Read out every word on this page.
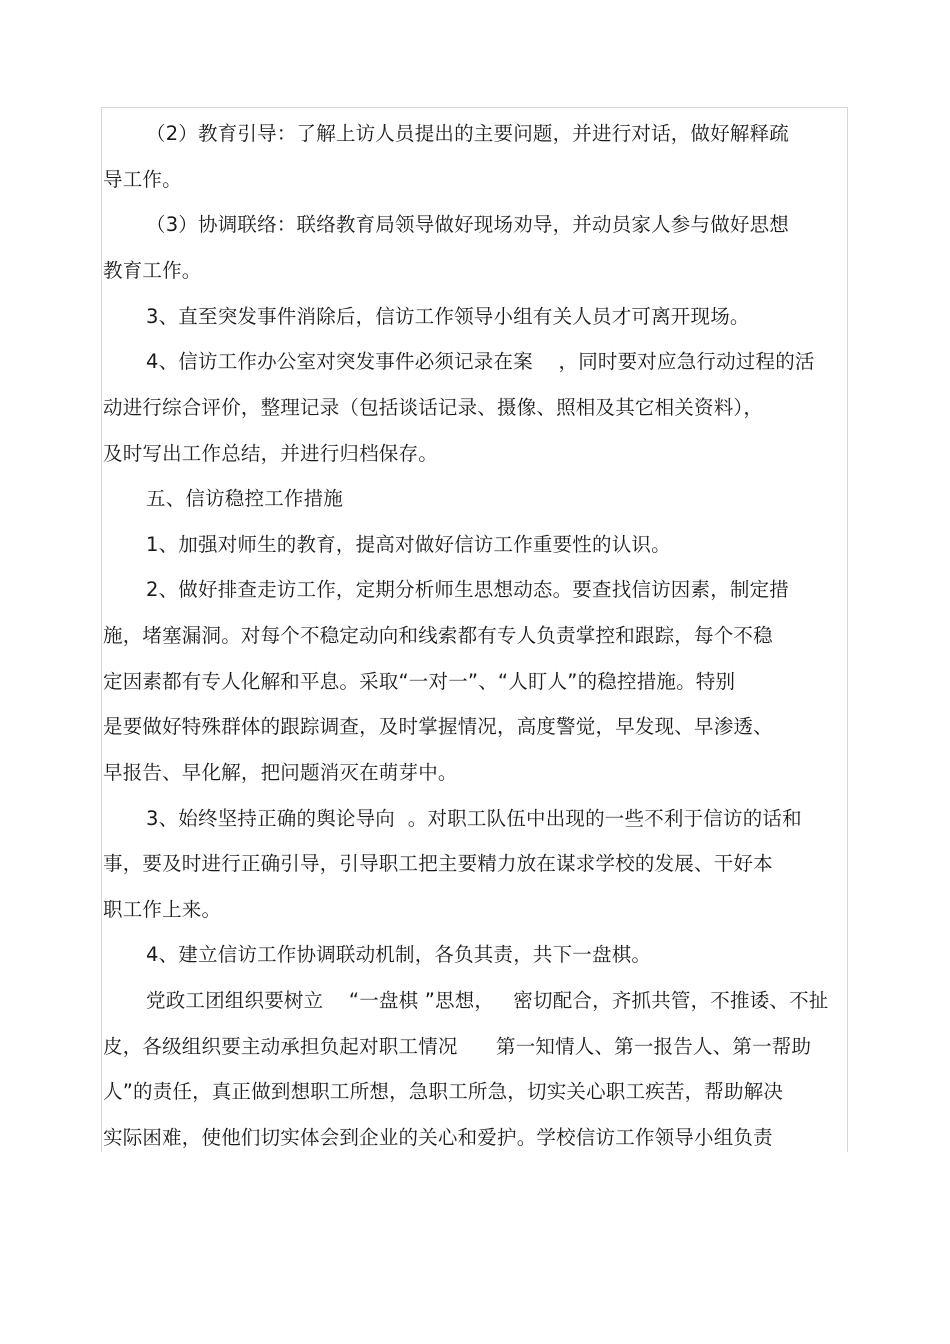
（2）教育引导：了解上访人员提出的主要问题，并进行对话，做好解释疏
导工作。
（3）协调联络：联络教育局领导做好现场劝导，并动员家人参与做好思想
教育工作。
3、直至突发事件消除后，信访工作领导小组有关人员才可离开现场。
4、信访工作办公室对突发事件必须记录在案    ，同时要对应急行动过程的活
动进行综合评价，整理记录（包括谈话记录、摄像、照相及其它相关资料），
及时写出工作总结，并进行归档保存。
五、信访稳控工作措施
1、加强对师生的教育，提高对做好信访工作重要性的认识。
2、做好排查走访工作，定期分析师生思想动态。要查找信访因素，制定措
施，堵塞漏洞。对每个不稳定动向和线索都有专人负责掌控和跟踪，每个不稳
定因素都有专人化解和平息。采取“一对一”、“人盯人”的稳控措施。特别
是要做好特殊群体的跟踪调查，及时掌握情况，高度警觉，早发现、早渗透、
早报告、早化解，把问题消灭在萌芽中。
3、始终坚持正确的舆论导向  。对职工队伍中出现的一些不利于信访的话和
事，要及时进行正确引导，引导职工把主要精力放在谋求学校的发展、干好本
职工作上来。
4、建立信访工作协调联动机制，各负其责，共下一盘棋。
党政工团组织要树立    “一盘棋 ”思想，   密切配合，齐抓共管，不推诿、不扯
皮，各级组织要主动承担负起对职工情况      第一知情人、第一报告人、第一帮助
人”的责任，真正做到想职工所想，急职工所急，切实关心职工疾苦，帮助解决
实际困难，使他们切实体会到企业的关心和爱护。学校信访工作领导小组负责
